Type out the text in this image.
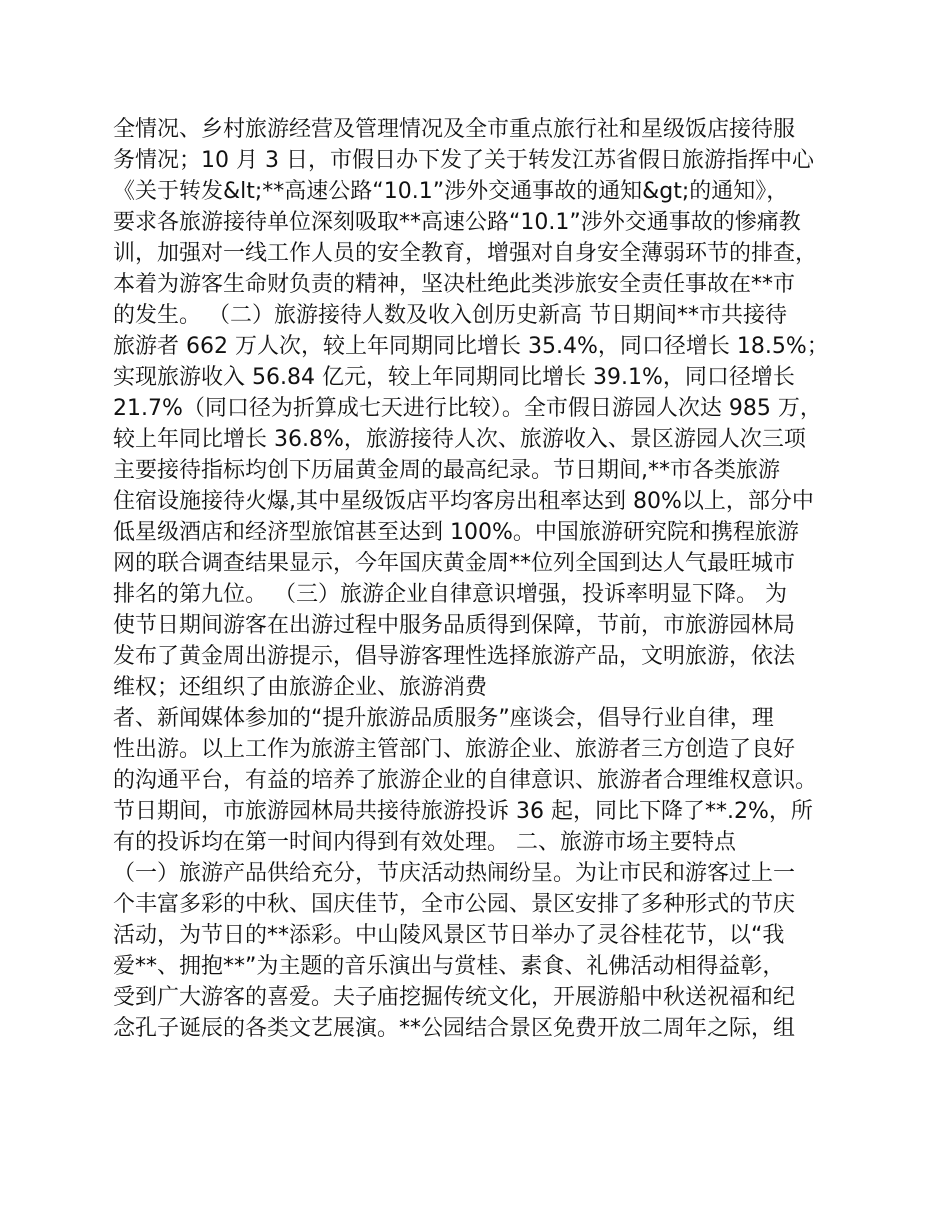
全情况、乡村旅游经营及管理情况及全市重点旅行社和星级饭店接待服
务情况；10 月 3 日，市假日办下发了关于转发江苏省假日旅游指挥中心
《关于转发&lt;**高速公路“10.1”涉外交通事故的通知&gt;的通知》，
要求各旅游接待单位深刻吸取**高速公路“10.1”涉外交通事故的惨痛教
训，加强对一线工作人员的安全教育，增强对自身安全薄弱环节的排查，
本着为游客生命财负责的精神，坚决杜绝此类涉旅安全责任事故在**市
的发生。 （二）旅游接待人数及收入创历史新高 节日期间**市共接待
旅游者 662 万人次，较上年同期同比增长 35.4%，同口径增长 18.5%；
实现旅游收入 56.84 亿元，较上年同期同比增长 39.1%，同口径增长
21.7%（同口径为折算成七天进行比较）。全市假日游园人次达 985 万，
较上年同比增长 36.8%，旅游接待人次、旅游收入、景区游园人次三项
主要接待指标均创下历届黄金周的最高纪录。节日期间,**市各类旅游
住宿设施接待火爆,其中星级饭店平均客房出租率达到 80%以上，部分中
低星级酒店和经济型旅馆甚至达到 100%。中国旅游研究院和携程旅游
网的联合调查结果显示，今年国庆黄金周**位列全国到达人气最旺城市
排名的第九位。 （三）旅游企业自律意识增强，投诉率明显下降。 为
使节日期间游客在出游过程中服务品质得到保障，节前，市旅游园林局
发布了黄金周出游提示，倡导游客理性选择旅游产品，文明旅游，依法
维权；还组织了由旅游企业、旅游消费
者、新闻媒体参加的“提升旅游品质服务”座谈会，倡导行业自律，理
性出游。以上工作为旅游主管部门、旅游企业、旅游者三方创造了良好
的沟通平台，有益的培养了旅游企业的自律意识、旅游者合理维权意识。
节日期间，市旅游园林局共接待旅游投诉 36 起，同比下降了**.2%，所
有的投诉均在第一时间内得到有效处理。 二、旅游市场主要特点
（一）旅游产品供给充分，节庆活动热闹纷呈。为让市民和游客过上一
个丰富多彩的中秋、国庆佳节，全市公园、景区安排了多种形式的节庆
活动，为节日的**添彩。中山陵风景区节日举办了灵谷桂花节，以“我
爱**、拥抱**”为主题的音乐演出与赏桂、素食、礼佛活动相得益彰，
受到广大游客的喜爱。夫子庙挖掘传统文化，开展游船中秋送祝福和纪
念孔子诞辰的各类文艺展演。**公园结合景区免费开放二周年之际，组
